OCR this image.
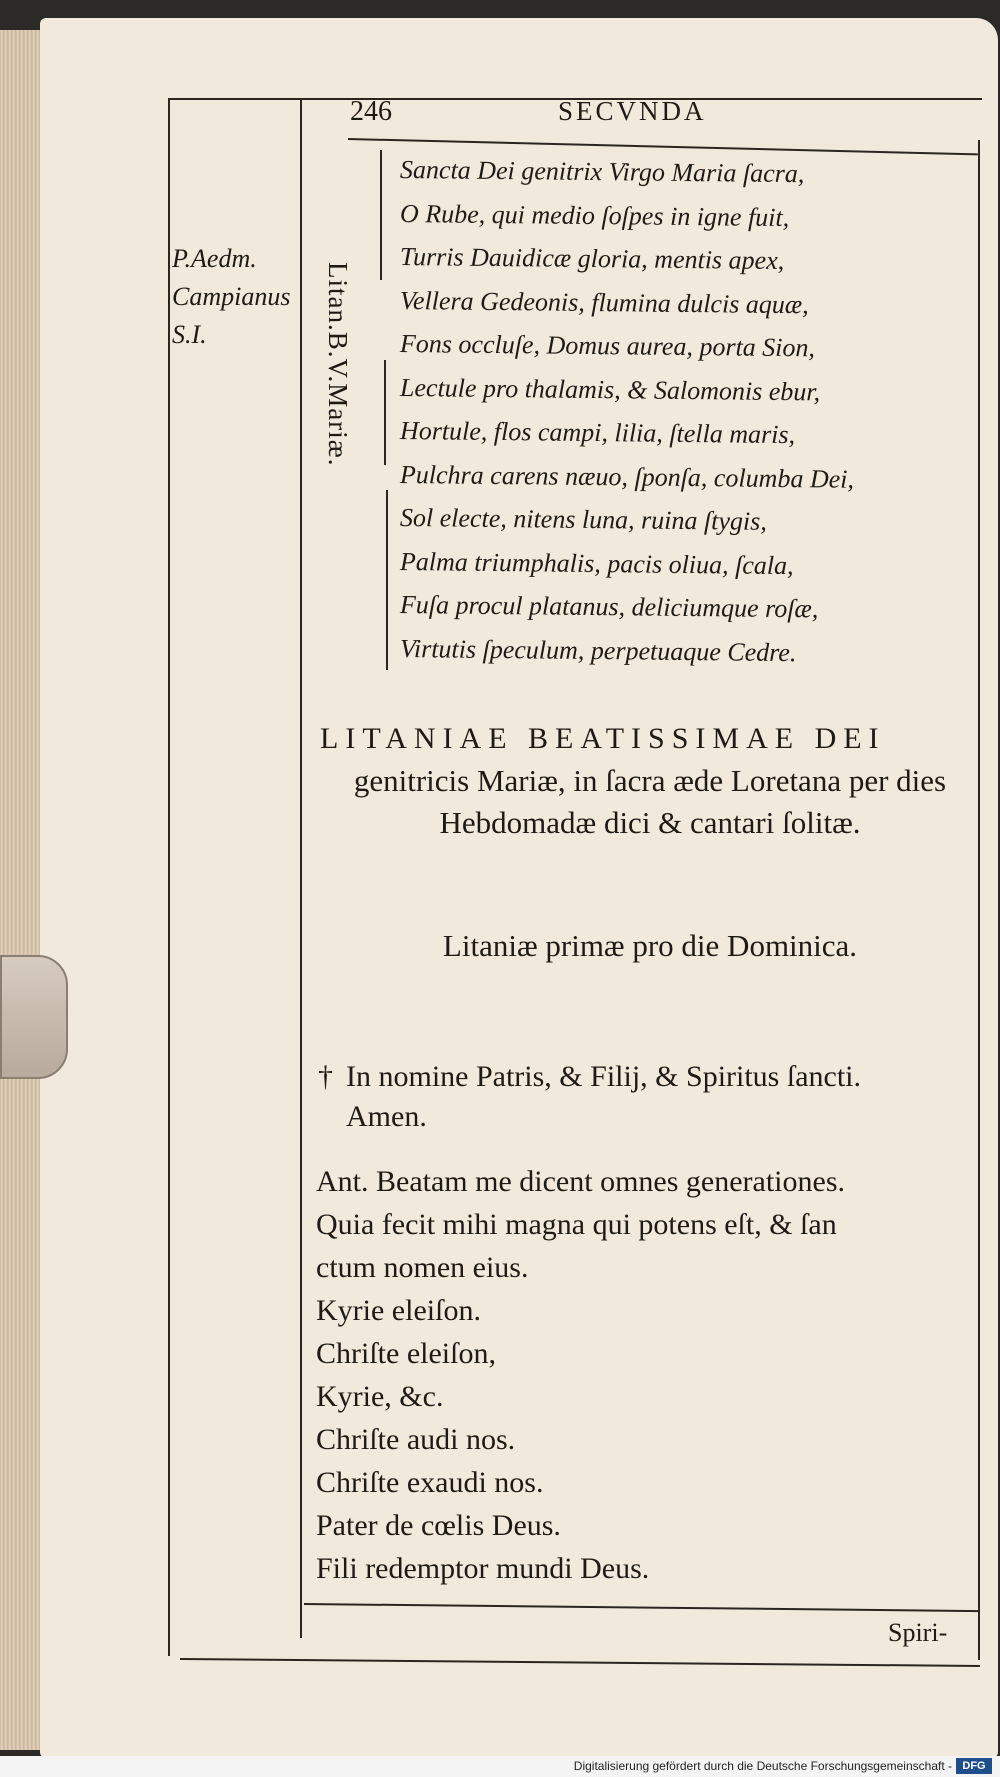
246	SECVNDA
P.Aedm.
Campianus
S.I.	Litan.B.V.Mariæ.
Sancta Dei genitrix Virgo Maria ſacra,
O Rube, qui medio ſoſpes in igne fuit,
Turris Dauidicæ gloria, mentis apex,
Vellera Gedeonis, flumina dulcis aquæ,
Fons occluſe, Domus aurea, porta Sion,
Lectule pro thalamis, & Salomonis ebur,
Hortule, flos campi, lilia, ſtella maris,
Pulchra carens næuo, ſponſa, columba Dei,
Sol electe, nitens luna, ruina ſtygis,
Palma triumphalis, pacis oliua, ſcala,
Fuſa procul platanus, deliciumque roſæ,
Virtutis ſpeculum, perpetuaque Cedre.
LITANIAE BEATISSIMAE DEI
genitricis Mariæ, in ſacra æde Loretana per dies Hebdomadæ dici & cantari ſolitæ.
Litaniæ primæ pro die Dominica.
† In nomine Patris, & Filij, & Spiritus ſancti.
Amen.
Ant. Beatam me dicent omnes generationes.
Quia fecit mihi magna qui potens eſt, & ſan
ctum nomen eius.
Kyrie eleiſon.
Chriſte eleiſon,
Kyrie, &c.
Chriſte audi nos.
Chriſte exaudi nos.
Pater de cœlis Deus.
Fili redemptor mundi Deus.
Spiri-
Digitalisierung gefördert durch die Deutsche Forschungsgemeinschaft - DFG
